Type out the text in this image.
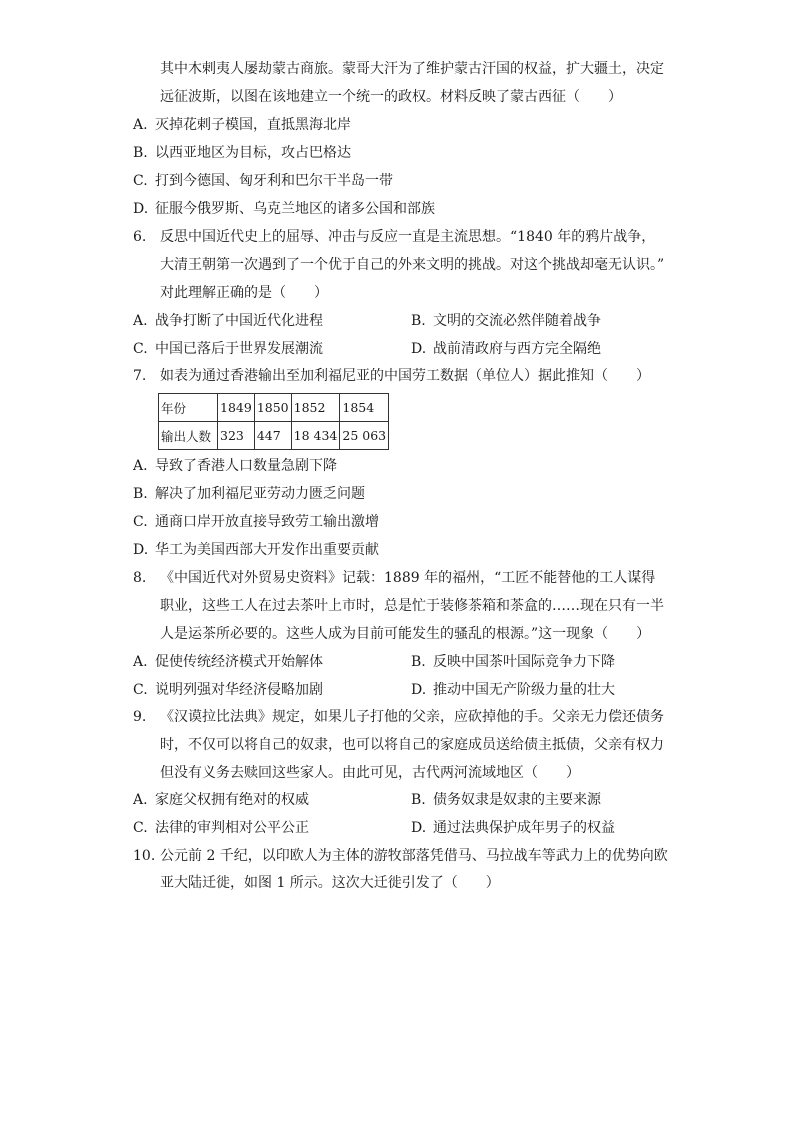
其中木剌夷人屡劫蒙古商旅。蒙哥大汗为了维护蒙古汗国的权益，扩大疆土，决定
远征波斯，以图在该地建立一个统一的政权。材料反映了蒙古西征（　　）
A. 灭掉花剌子模国，直抵黑海北岸
B. 以西亚地区为目标，攻占巴格达
C. 打到今德国、匈牙利和巴尔干半岛一带
D. 征服今俄罗斯、乌克兰地区的诸多公国和部族
6. 反思中国近代史上的屈辱、冲击与反应一直是主流思想。“1840 年的鸦片战争，
大清王朝第一次遇到了一个优于自己的外来文明的挑战。对这个挑战却毫无认识。”
对此理解正确的是（　　）
A. 战争打断了中国近代化进程	B. 文明的交流必然伴随着战争
C. 中国已落后于世界发展潮流	D. 战前清政府与西方完全隔绝
7. 如表为通过香港输出至加利福尼亚的中国劳工数据（单位人）据此推知（　　）
年份	1849	1850	1852	1854
输出人数	323	447	18 434	25 063
A. 导致了香港人口数量急剧下降
B. 解决了加利福尼亚劳动力匮乏问题
C. 通商口岸开放直接导致劳工输出激增
D. 华工为美国西部大开发作出重要贡献
8. 《中国近代对外贸易史资料》记载：1889 年的福州，“工匠不能替他的工人谋得
职业，这些工人在过去茶叶上市时，总是忙于装修茶箱和茶盒的……现在只有一半
人是运茶所必要的。这些人成为目前可能发生的骚乱的根源。”这一现象（　　）
A. 促使传统经济模式开始解体	B. 反映中国茶叶国际竞争力下降
C. 说明列强对华经济侵略加剧	D. 推动中国无产阶级力量的壮大
9. 《汉谟拉比法典》规定，如果儿子打他的父亲，应砍掉他的手。父亲无力偿还债务
时，不仅可以将自己的奴隶，也可以将自己的家庭成员送给债主抵债，父亲有权力
但没有义务去赎回这些家人。由此可见，古代两河流域地区（　　）
A. 家庭父权拥有绝对的权威	B. 债务奴隶是奴隶的主要来源
C. 法律的审判相对公平公正	D. 通过法典保护成年男子的权益
10. 公元前 2 千纪，以印欧人为主体的游牧部落凭借马、马拉战车等武力上的优势向欧
亚大陆迁徙，如图 1 所示。这次大迁徙引发了（　　）
